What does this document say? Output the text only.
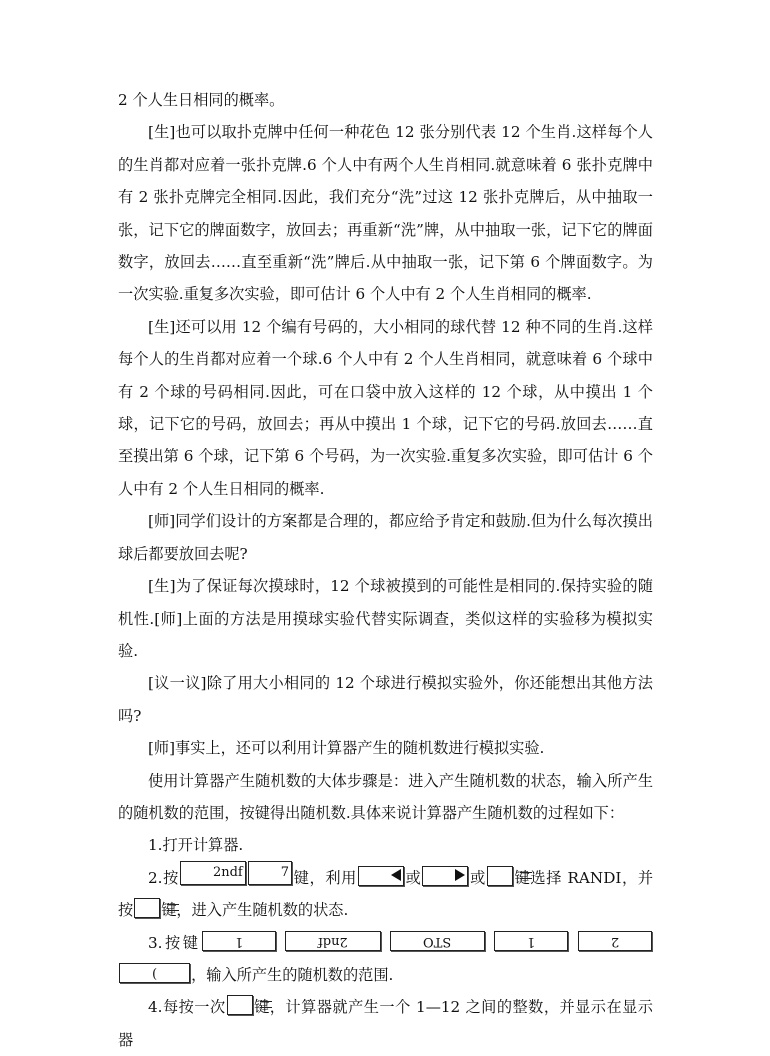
2 个人生日相同的概率。

[生]也可以取扑克牌中任何一种花色 12 张分别代表 12 个生肖.这样每个人的生肖都对应着一张扑克牌.6 个人中有两个人生肖相同.就意味着 6 张扑克牌中有 2 张扑克牌完全相同.因此，我们充分“洗”过这 12 张扑克牌后，从中抽取一张，记下它的牌面数字，放回去；再重新“洗”牌，从中抽取一张，记下它的牌面数字，放回去……直至重新“洗”牌后.从中抽取一张，记下第 6 个牌面数字。为一次实验.重复多次实验，即可估计 6 个人中有 2 个人生肖相同的概率.

[生]还可以用 12 个编有号码的，大小相同的球代替 12 种不同的生肖.这样每个人的生肖都对应着一个球.6 个人中有 2 个人生肖相同，就意味着 6 个球中有 2 个球的号码相同.因此，可在口袋中放入这样的 12 个球，从中摸出 1 个球，记下它的号码，放回去；再从中摸出 1 个球，记下它的号码.放回去……直至摸出第 6 个球，记下第 6 个号码，为一次实验.重复多次实验，即可估计 6 个人中有 2 个人生日相同的概率.

[师]同学们设计的方案都是合理的，都应给予肯定和鼓励.但为什么每次摸出球后都要放回去呢?

[生]为了保证每次摸球时，12 个球被摸到的可能性是相同的.保持实验的随机性.[师]上面的方法是用摸球实验代替实际调查，类似这样的实验移为模拟实验.

[议一议]除了用大小相同的 12 个球进行模拟实验外，你还能想出其他方法吗?

[师]事实上，还可以利用计算器产生的随机数进行模拟实验.

使用计算器产生随机数的大体步骤是：进入产生随机数的状态，输入所产生的随机数的范围，按键得出随机数.具体来说计算器产生随机数的过程如下：

1.打开计算器.

2.按	2ndf	7 键，利用	或	或 键选择 RANDI，并按 键，进入产生随机数的状态.

3.按键	1	2ndf	STO	1	2 ) ，输入所产生的随机数的范围.

4.每按一次 键，计算器就产生一个 1—12 之间的整数，并显示在显示器
